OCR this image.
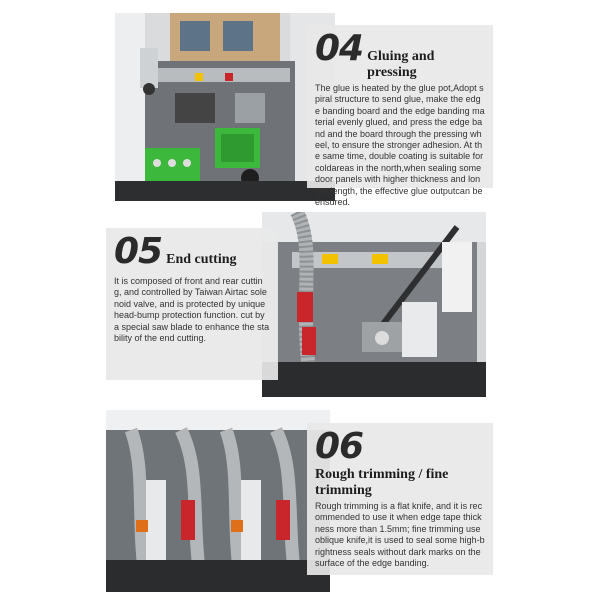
04 Gluing and pressing
The glue is heated by the glue pot,Adopt spiral structure to send glue, make the edge banding board and the edge banding material evenly glued, and press the edge band and the board through the pressing wheel, to ensure the stronger adhesion. At the same time, double coating is suitable for coldareas in the north,when sealing some door panels with higher thickness and longer length, the effective glue outputcan be ensured.
05 End cutting
It is composed of front and rear cutting, and controlled by Taiwan Airtac solenoid valve, and is protected by unique head-bump protection function. cut by a special saw blade to enhance the stability of the end cutting.
06
Rough trimming / fine trimming
Rough trimming is a flat knife, and it is recommended to use it when edge tape thickness more than 1.5mm; fine trimming use oblique knife,it is used to seal some high-brightness seals without dark marks on the surface of the edge banding.
